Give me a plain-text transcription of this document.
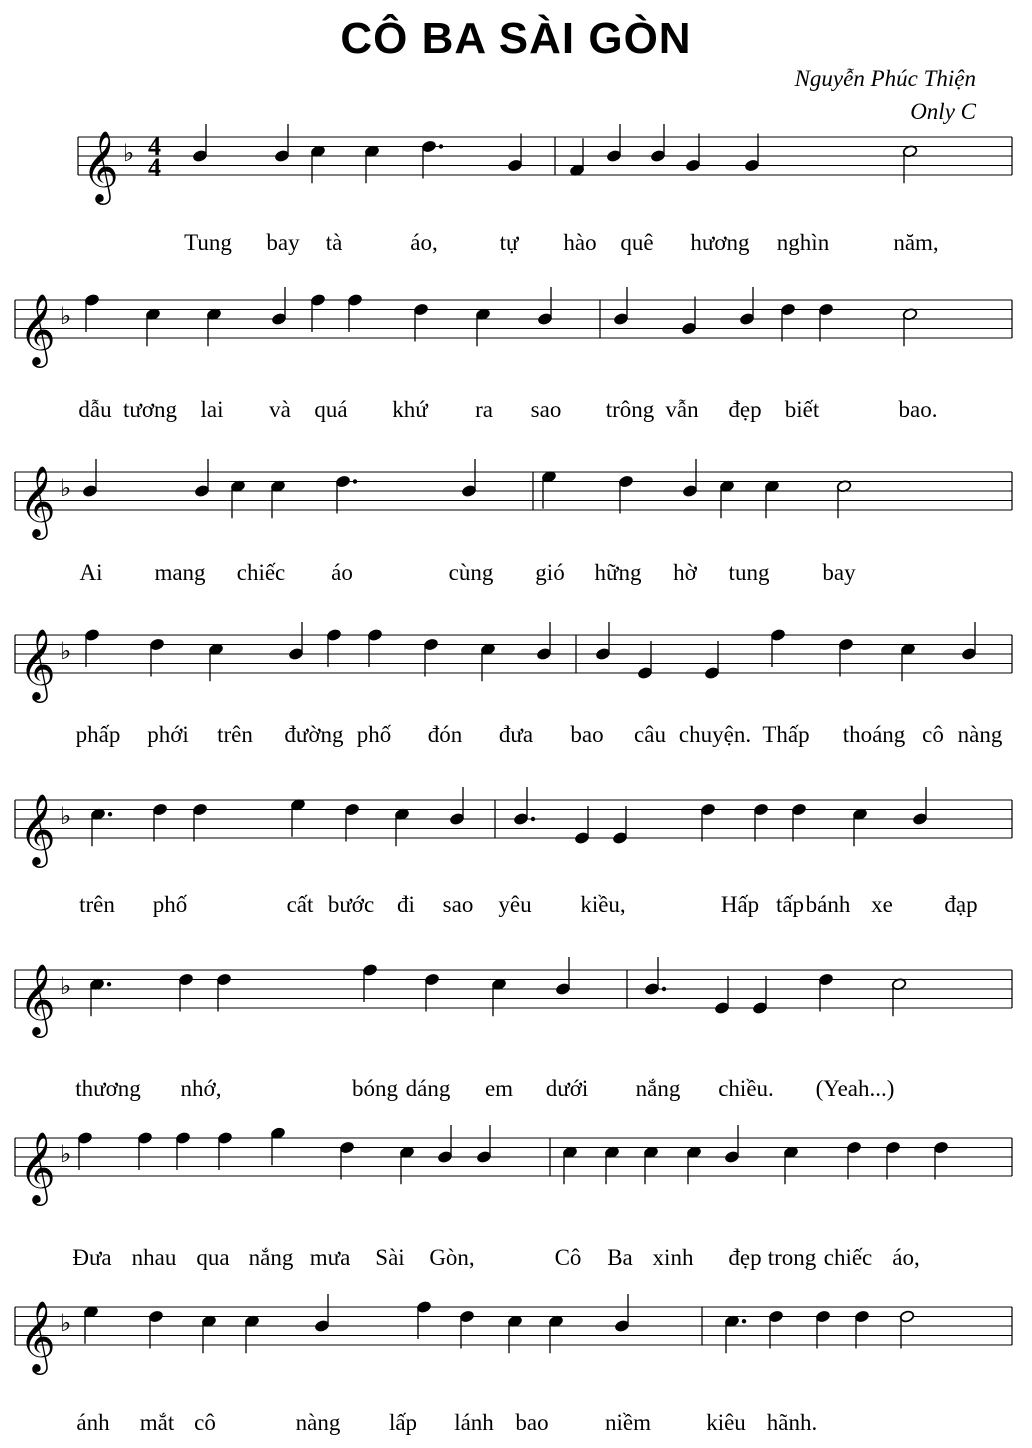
CÔ BA SÀI GÒN
Nguyễn Phúc Thiện
Only C
𝄞 ♭ 4
4
𝄞 ♭
𝄞 ♭
𝄞 ♭
𝄞 ♭
𝄞 ♭
𝄞 ♭
𝄞 ♭
Tung bay tà	áo,	tự hào quê hương nghìn	năm,
dẫu tương lai và quá khứ ra sao trông vẫn đẹp biết	bao.
Ai mang chiếc áo	cùng gió hững hờ tung bay
phấp phới trên đường phố đón đưa bao câu chuyện. Thấp thoáng cô nàng
trên phố	cất bước đi sao yêu kiều,	Hấp tấp bánh xe đạp
thương nhớ,	bóng dáng em dưới nắng chiều. (Yeah...)
Đưa nhau qua nắng mưa Sài Gòn,	Cô Ba xinh đẹp trong chiếc áo,
ánh mắt cô	nàng lấp lánh bao niềm kiêu hãnh.
